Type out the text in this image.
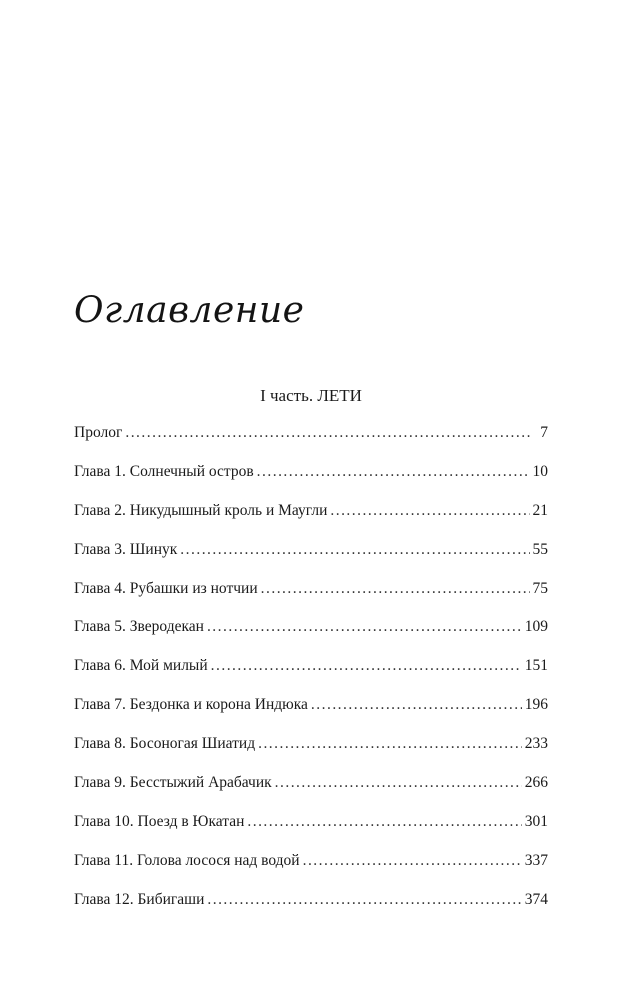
Оглавление
I часть. ЛЕТИ
Пролог . . .	7
Глава 1. Солнечный остров . . .	10
Глава 2. Никудышный кроль и Маугли . . .	21
Глава 3. Шинук . . .	55
Глава 4. Рубашки из нотчии . . .	75
Глава 5. Зверодекан . . .	109
Глава 6. Мой милый . . .	151
Глава 7. Бездонка и корона Индюка . . .	196
Глава 8. Босоногая Шиатид . . .	233
Глава 9. Бесстыжий Арабачик . . .	266
Глава 10. Поезд в Юкатан . . .	301
Глава 11. Голова лосося над водой . . .	337
Глава 12. Бибигаши . . .	374
